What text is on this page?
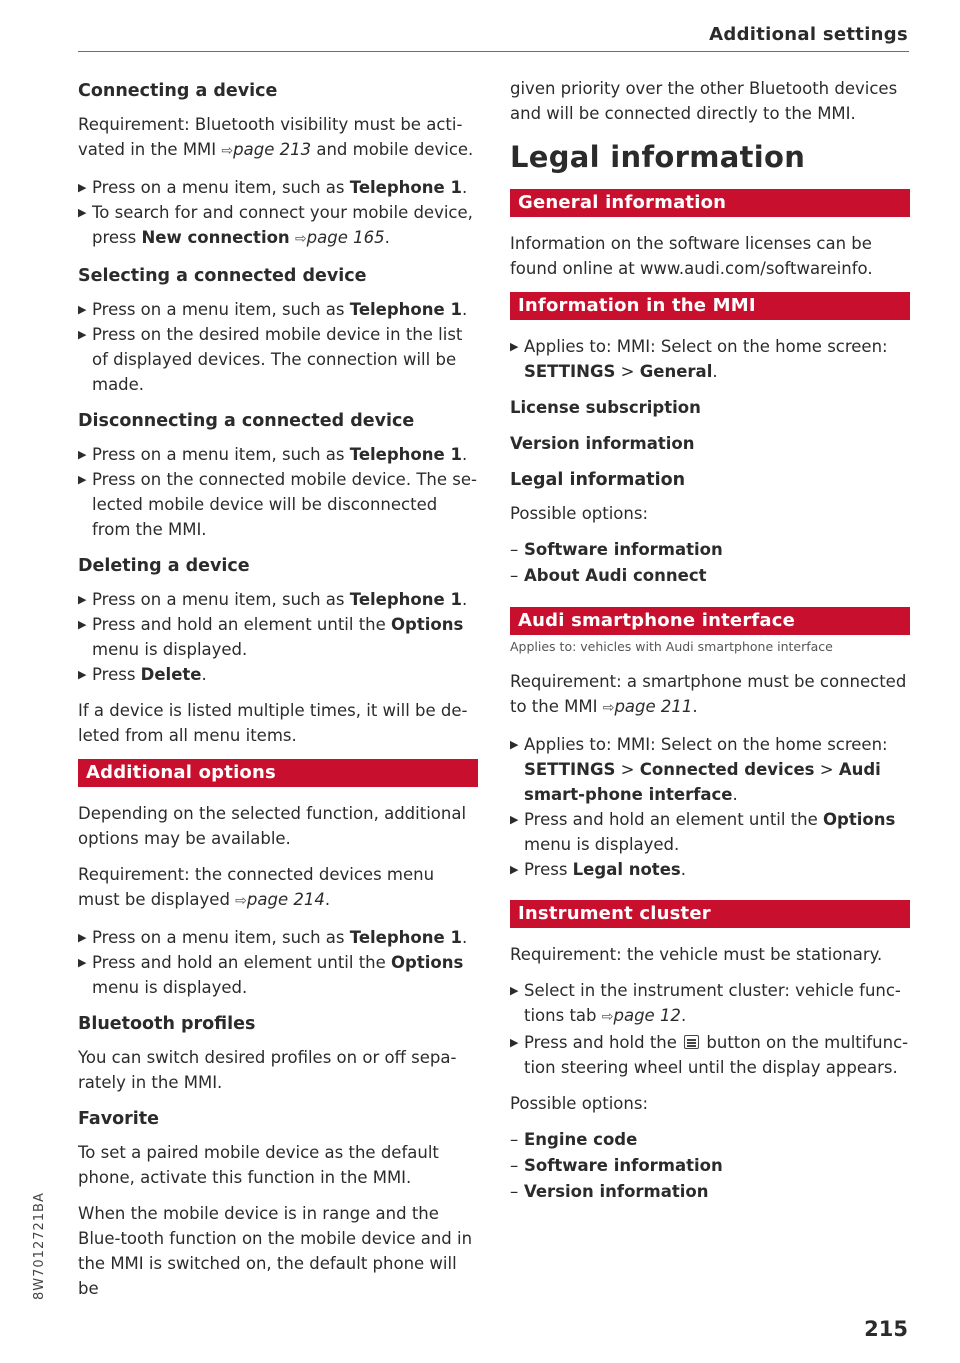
Additional settings
Connecting a device

Requirement: Bluetooth visibility must be acti-vated in the MMI ⇨page 213 and mobile device.

▶ Press on a menu item, such as Telephone 1.
▶ To search for and connect your mobile device, press New connection ⇨page 165.
Selecting a connected device
▶ Press on a menu item, such as Telephone 1.
▶ Press on the desired mobile device in the list of displayed devices. The connection will be made.
Disconnecting a connected device
▶ Press on a menu item, such as Telephone 1.
▶ Press on the connected mobile device. The se-lected mobile device will be disconnected from the MMI.
Deleting a device
▶ Press on a menu item, such as Telephone 1.
▶ Press and hold an element until the Options menu is displayed.
▶ Press Delete.

If a device is listed multiple times, it will be de-leted from all menu items.

Additional options

Depending on the selected function, additional options may be available.

Requirement: the connected devices menu must be displayed ⇨page 214.

▶ Press on a menu item, such as Telephone 1.
▶ Press and hold an element until the Options menu is displayed.
Bluetooth profiles

You can switch desired profiles on or off sepa-rately in the MMI.

Favorite

To set a paired mobile device as the default phone, activate this function in the MMI.

When the mobile device is in range and the Blue-tooth function on the mobile device and in the MMI is switched on, the default phone will be

given priority over the other Bluetooth devices and will be connected directly to the MMI.

Legal information
General information

Information on the software licenses can be found online at www.audi.com/softwareinfo.

Information in the MMI
▶ Applies to: MMI: Select on the home screen: SETTINGS > General.
License subscription
Version information
Legal information

Possible options:

– Software information
– About Audi connect
Audi smartphone interface

Applies to: vehicles with Audi smartphone interface

Requirement: a smartphone must be connected to the MMI ⇨page 211.

▶ Applies to: MMI: Select on the home screen: SETTINGS > Connected devices > Audi smart-phone interface.
▶ Press and hold an element until the Options menu is displayed.
▶ Press Legal notes.
Instrument cluster

Requirement: the vehicle must be stationary.

▶ Select in the instrument cluster: vehicle func-tions tab ⇨page 12.
▶ Press and hold the  button on the multifunc-tion steering wheel until the display appears.

Possible options:

– Engine code
– Software information
– Version information
8W7012721BA
215
